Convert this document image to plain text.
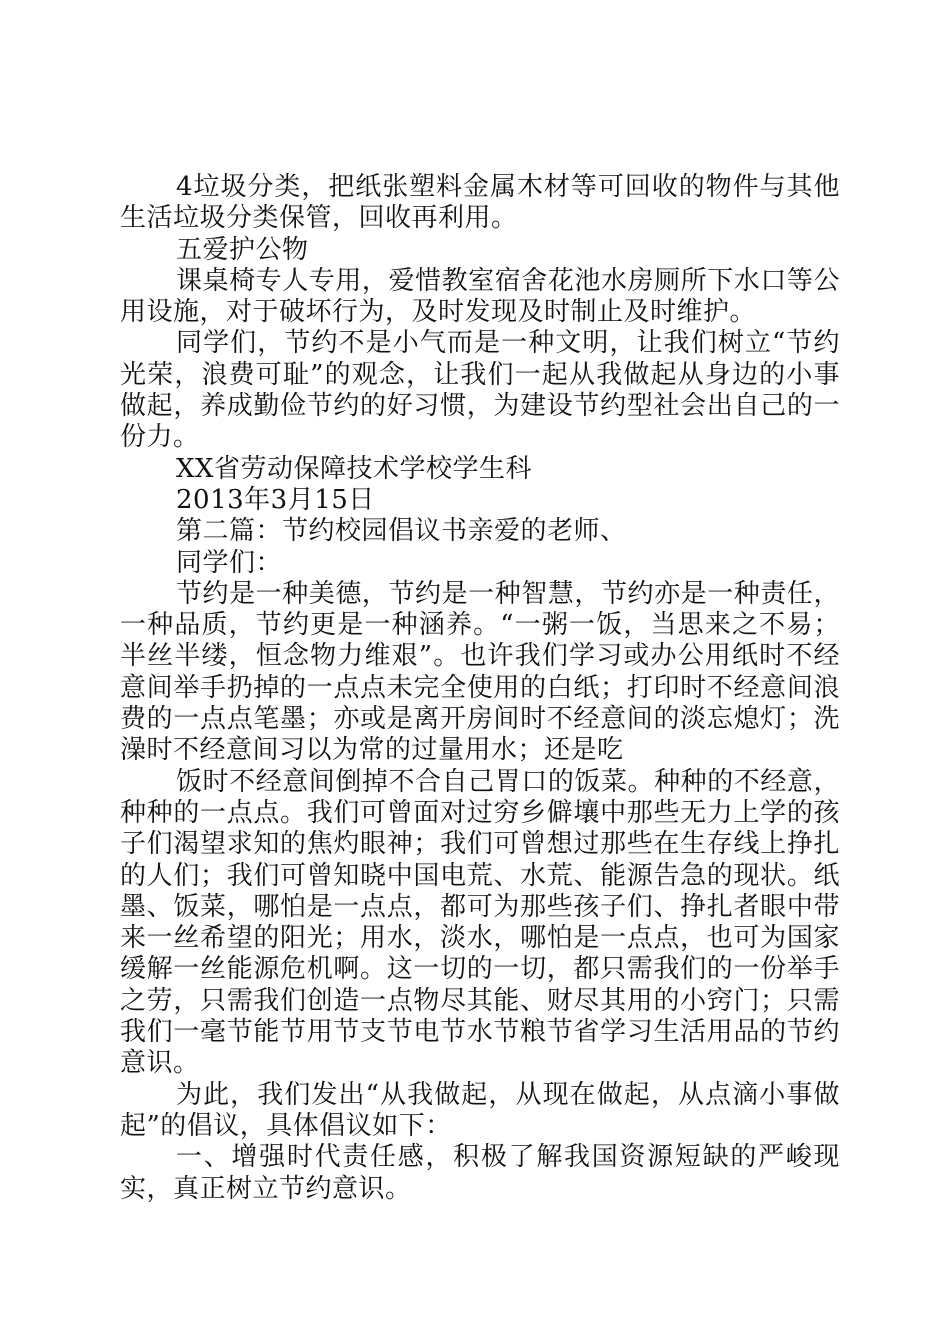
4垃圾分类，把纸张塑料金属木材等可回收的物件与其他生活垃圾分类保管，回收再利用。

五爱护公物

课桌椅专人专用，爱惜教室宿舍花池水房厕所下水口等公用设施，对于破坏行为，及时发现及时制止及时维护。

同学们，节约不是小气而是一种文明，让我们树立“节约光荣，浪费可耻”的观念，让我们一起从我做起从身边的小事做起，养成勤俭节约的好习惯，为建设节约型社会出自己的一份力。

XX省劳动保障技术学校学生科

2013年3月15日

第二篇：节约校园倡议书亲爱的老师、

同学们：

节约是一种美德，节约是一种智慧，节约亦是一种责任，一种品质，节约更是一种涵养。“一粥一饭，当思来之不易；半丝半缕，恒念物力维艰”。也许我们学习或办公用纸时不经意间举手扔掉的一点点未完全使用的白纸；打印时不经意间浪费的一点点笔墨；亦或是离开房间时不经意间的淡忘熄灯；洗澡时不经意间习以为常的过量用水；还是吃

饭时不经意间倒掉不合自己胃口的饭菜。种种的不经意，种种的一点点。我们可曾面对过穷乡僻壤中那些无力上学的孩子们渴望求知的焦灼眼神；我们可曾想过那些在生存线上挣扎的人们；我们可曾知晓中国电荒、水荒、能源告急的现状。纸墨、饭菜，哪怕是一点点，都可为那些孩子们、挣扎者眼中带来一丝希望的阳光；用水，淡水，哪怕是一点点，也可为国家缓解一丝能源危机啊。这一切的一切，都只需我们的一份举手之劳，只需我们创造一点物尽其能、财尽其用的小窍门；只需我们一毫节能节用节支节电节水节粮节省学习生活用品的节约意识。

为此，我们发出“从我做起，从现在做起，从点滴小事做起”的倡议，具体倡议如下：

一、增强时代责任感，积极了解我国资源短缺的严峻现实，真正树立节约意识。
